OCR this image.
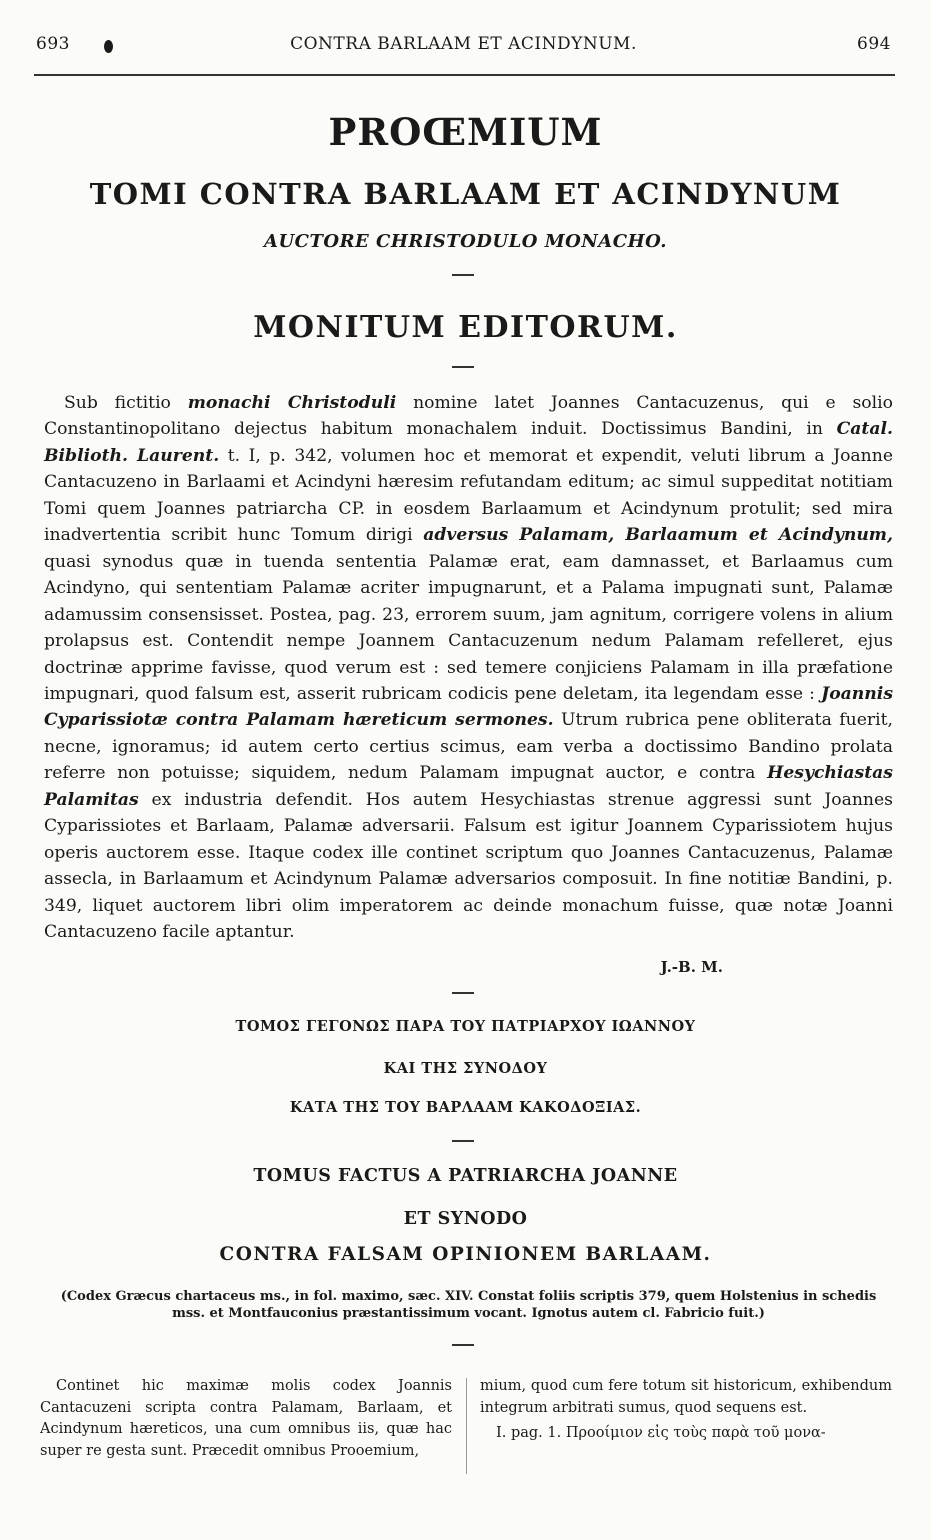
693	CONTRA BARLAAM ET ACINDYNUM.	694
PROŒMIUM
TOMI CONTRA BARLAAM ET ACINDYNUM
AUCTORE CHRISTODULO MONACHO.
MONITUM EDITORUM.

Sub fictitio monachi Christoduli nomine latet Joannes Cantacuzenus, qui e solio Constantinopolitano dejectus habitum monachalem induit. Doctissimus Bandini, in Catal. Biblioth. Laurent. t. I, p. 342, volumen hoc et memorat et expendit, veluti librum a Joanne Cantacuzeno in Barlaami et Acindyni hæresim refutandam editum; ac simul suppeditat notitiam Tomi quem Joannes patriarcha CP. in eosdem Barlaamum et Acindynum protulit; sed mira inadvertentia scribit hunc Tomum dirigi adversus Palamam, Barlaamum et Acindynum, quasi synodus quæ in tuenda sententia Palamæ erat, eam damnasset, et Barlaamus cum Acindyno, qui sententiam Palamæ acriter impugnarunt, et a Palama impugnati sunt, Palamæ adamussim consensisset. Postea, pag. 23, errorem suum, jam agnitum, corrigere volens in alium prolapsus est. Contendit nempe Joannem Cantacuzenum nedum Palamam refelleret, ejus doctrinæ apprime favisse, quod verum est : sed temere conjiciens Palamam in illa præfatione impugnari, quod falsum est, asserit rubricam codicis pene deletam, ita legendam esse : Joannis Cyparissiotæ contra Palamam hæreticum sermones. Utrum rubrica pene obliterata fuerit, necne, ignoramus; id autem certo certius scimus, eam verba a doctissimo Bandino prolata referre non potuisse; siquidem, nedum Palamam impugnat auctor, e contra Hesychiastas Palamitas ex industria defendit. Hos autem Hesychiastas strenue aggressi sunt Joannes Cyparissiotes et Barlaam, Palamæ adversarii. Falsum est igitur Joannem Cyparissiotem hujus operis auctorem esse. Itaque codex ille continet scriptum quo Joannes Cantacuzenus, Palamæ assecla, in Barlaamum et Acindynum Palamæ adversarios composuit. In fine notitiæ Bandini, p. 349, liquet auctorem libri olim imperatorem ac deinde monachum fuisse, quæ notæ Joanni Cantacuzeno facile aptantur.

J.-B. M.
ΤΟΜΟΣ ΓΕΓΟΝΩΣ ΠΑΡΑ ΤΟΥ ΠΑΤΡΙΑΡΧΟΥ ΙΩΑΝΝΟΥ
ΚΑΙ ΤΗΣ ΣΥΝΟΔΟΥ
ΚΑΤΑ ΤΗΣ ΤΟΥ ΒΑΡΛΑΑΜ ΚΑΚΟΔΟΞΙΑΣ.
TOMUS FACTUS A PATRIARCHA JOANNE
ET SYNODO
CONTRA FALSAM OPINIONEM BARLAAM.
(Codex Græcus chartaceus ms., in fol. maximo, sæc. XIV. Constat foliis scriptis 379, quem Holstenius in schedis mss. et Montfauconius præstantissimum vocant. Ignotus autem cl. Fabricio fuit.)

Continet hic maximæ molis codex Joannis Cantacuzeni scripta contra Palamam, Barlaam, et Acindynum hæreticos, una cum omnibus iis, quæ hac super re gesta sunt. Præcedit omnibus Prooemium,

mium, quod cum fere totum sit historicum, exhibendum integrum arbitrati sumus, quod sequens est.

I. pag. 1. Προοίμιον εἰς τοὺς παρὰ τοῦ μονα-
